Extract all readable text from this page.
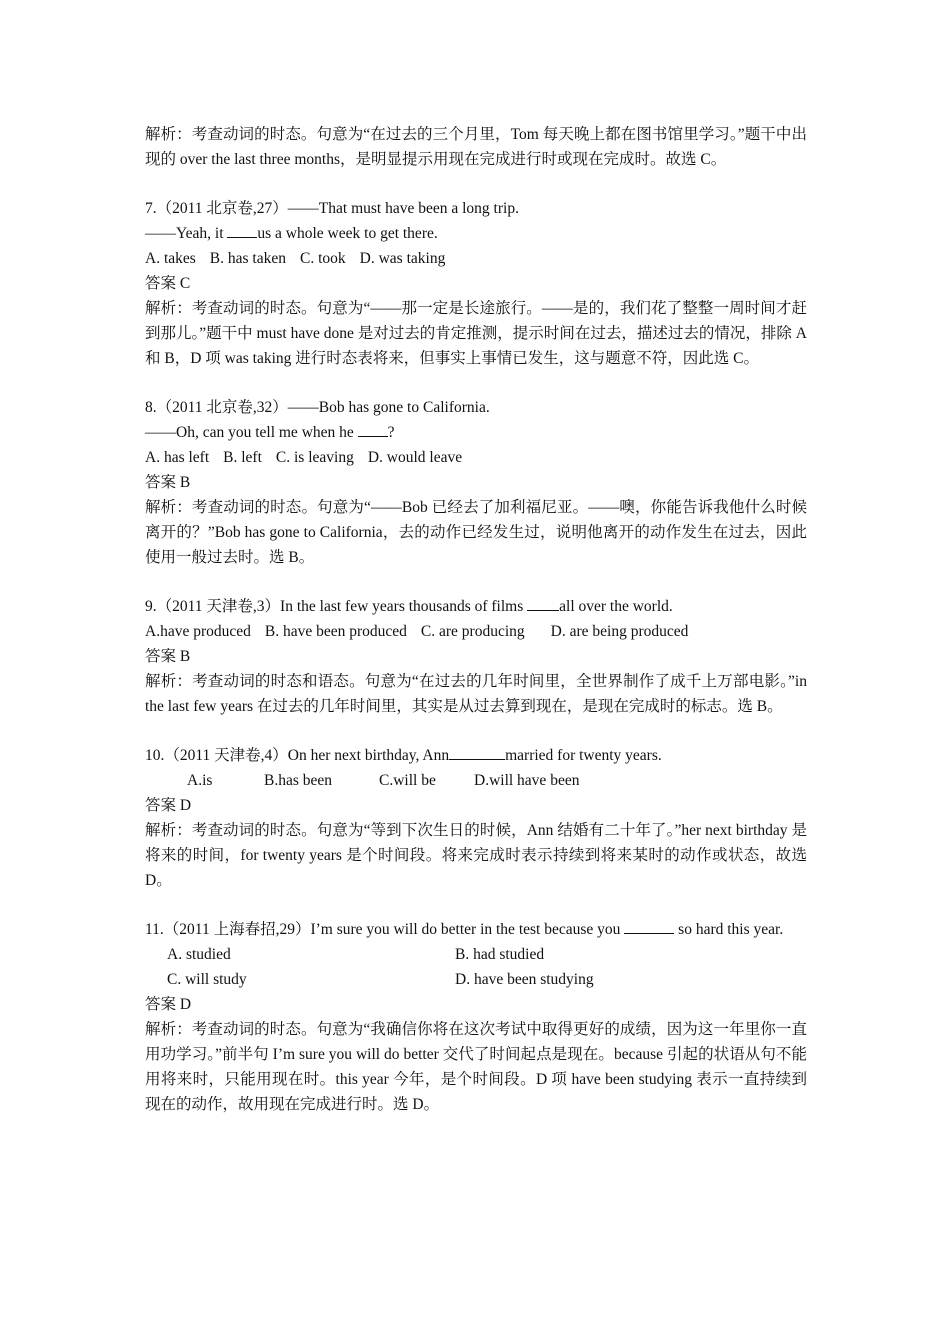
解析：考查动词的时态。句意为“在过去的三个月里，Tom 每天晚上都在图书馆里学习。”题干中出现的 over the last three months，是明显提示用现在完成进行时或现在完成时。故选 C。

7.（2011 北京卷,27）——That must have been a long trip.

——Yeah, it us a whole week to get there.

A. takes B. has taken C. took D. was taking

答案 C

解析：考查动词的时态。句意为“——那一定是长途旅行。——是的，我们花了整整一周时间才赶到那儿。”题干中 must have done 是对过去的肯定推测，提示时间在过去，描述过去的情况，排除 A 和 B，D 项 was taking 进行时态表将来，但事实上事情已发生，这与题意不符，因此选 C。

8.（2011 北京卷,32）——Bob has gone to California.

——Oh, can you tell me when he ?

A. has left B. left C. is leaving D. would leave

答案 B

解析：考查动词的时态。句意为“——Bob 已经去了加利福尼亚。——噢，你能告诉我他什么时候离开的？”Bob has gone to California，去的动作已经发生过，说明他离开的动作发生在过去，因此使用一般过去时。选 B。

9.（2011 天津卷,3）In the last few years thousands of films all over the world.

A.have produced B. have been produced C. are producing D. are being produced

答案 B

解析：考查动词的时态和语态。句意为“在过去的几年时间里，全世界制作了成千上万部电影。”in the last few years 在过去的几年时间里，其实是从过去算到现在，是现在完成时的标志。选 B。

10.（2011 天津卷,4）On her next birthday, Ann	married for twenty years.

A.is	B.has been	C.will be D.will have been

答案 D

解析：考查动词的时态。句意为“等到下次生日的时候，Ann 结婚有二十年了。”her next birthday 是将来的时间，for twenty years 是个时间段。将来完成时表示持续到将来某时的动作或状态，故选 D。

11.（2011 上海春招,29）I’m sure you will do better in the test because you	so hard this year.

A. studied	B. had studied
C. will study	D. have been studying

答案 D

解析：考查动词的时态。句意为“我确信你将在这次考试中取得更好的成绩，因为这一年里你一直用功学习。”前半句 I’m sure you will do better 交代了时间起点是现在。because 引起的状语从句不能用将来时，只能用现在时。this year 今年，是个时间段。D 项 have been studying 表示一直持续到现在的动作，故用现在完成进行时。选 D。
